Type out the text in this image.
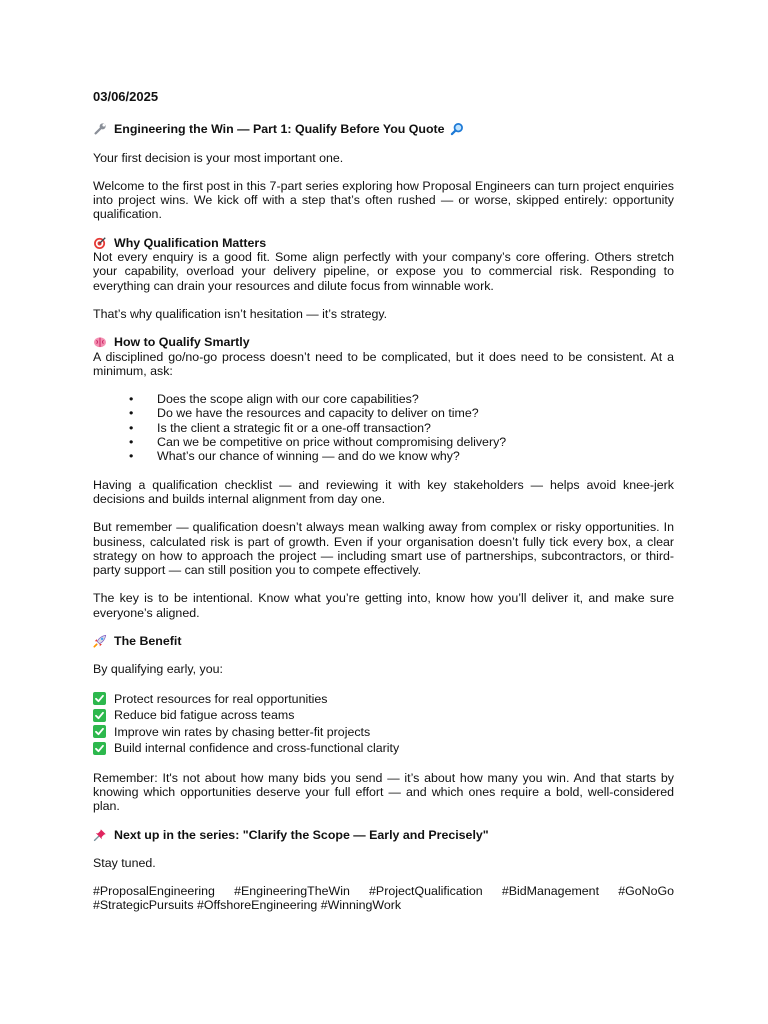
03/06/2025
Engineering the Win — Part 1: Qualify Before You Quote

Your first decision is your most important one.

Welcome to the first post in this 7-part series exploring how Proposal Engineers can turn project enquiries into project wins. We kick off with a step that’s often rushed — or worse, skipped entirely: opportunity qualification.

Why Qualification Matters

Not every enquiry is a good fit. Some align perfectly with your company’s core offering. Others stretch your capability, overload your delivery pipeline, or expose you to commercial risk. Responding to everything can drain your resources and dilute focus from winnable work.

That’s why qualification isn’t hesitation — it’s strategy.

How to Qualify Smartly

A disciplined go/no-go process doesn’t need to be complicated, but it does need to be consistent. At a minimum, ask:

• Does the scope align with our core capabilities?
• Do we have the resources and capacity to deliver on time?
• Is the client a strategic fit or a one-off transaction?
• Can we be competitive on price without compromising delivery?
• What’s our chance of winning — and do we know why?

Having a qualification checklist — and reviewing it with key stakeholders — helps avoid knee-jerk decisions and builds internal alignment from day one.

But remember — qualification doesn’t always mean walking away from complex or risky opportunities. In business, calculated risk is part of growth. Even if your organisation doesn’t fully tick every box, a clear strategy on how to approach the project — including smart use of partnerships, subcontractors, or third-party support — can still position you to compete effectively.

The key is to be intentional. Know what you’re getting into, know how you’ll deliver it, and make sure everyone’s aligned.

The Benefit

By qualifying early, you:

Protect resources for real opportunities
Reduce bid fatigue across teams
Improve win rates by chasing better-fit projects
Build internal confidence and cross-functional clarity

Remember: It's not about how many bids you send — it’s about how many you win. And that starts by knowing which opportunities deserve your full effort — and which ones require a bold, well-considered plan.

Next up in the series: "Clarify the Scope — Early and Precisely"

Stay tuned.

#ProposalEngineering #EngineeringTheWin #ProjectQualification #BidManagement #GoNoGo #StrategicPursuits #OffshoreEngineering #WinningWork
